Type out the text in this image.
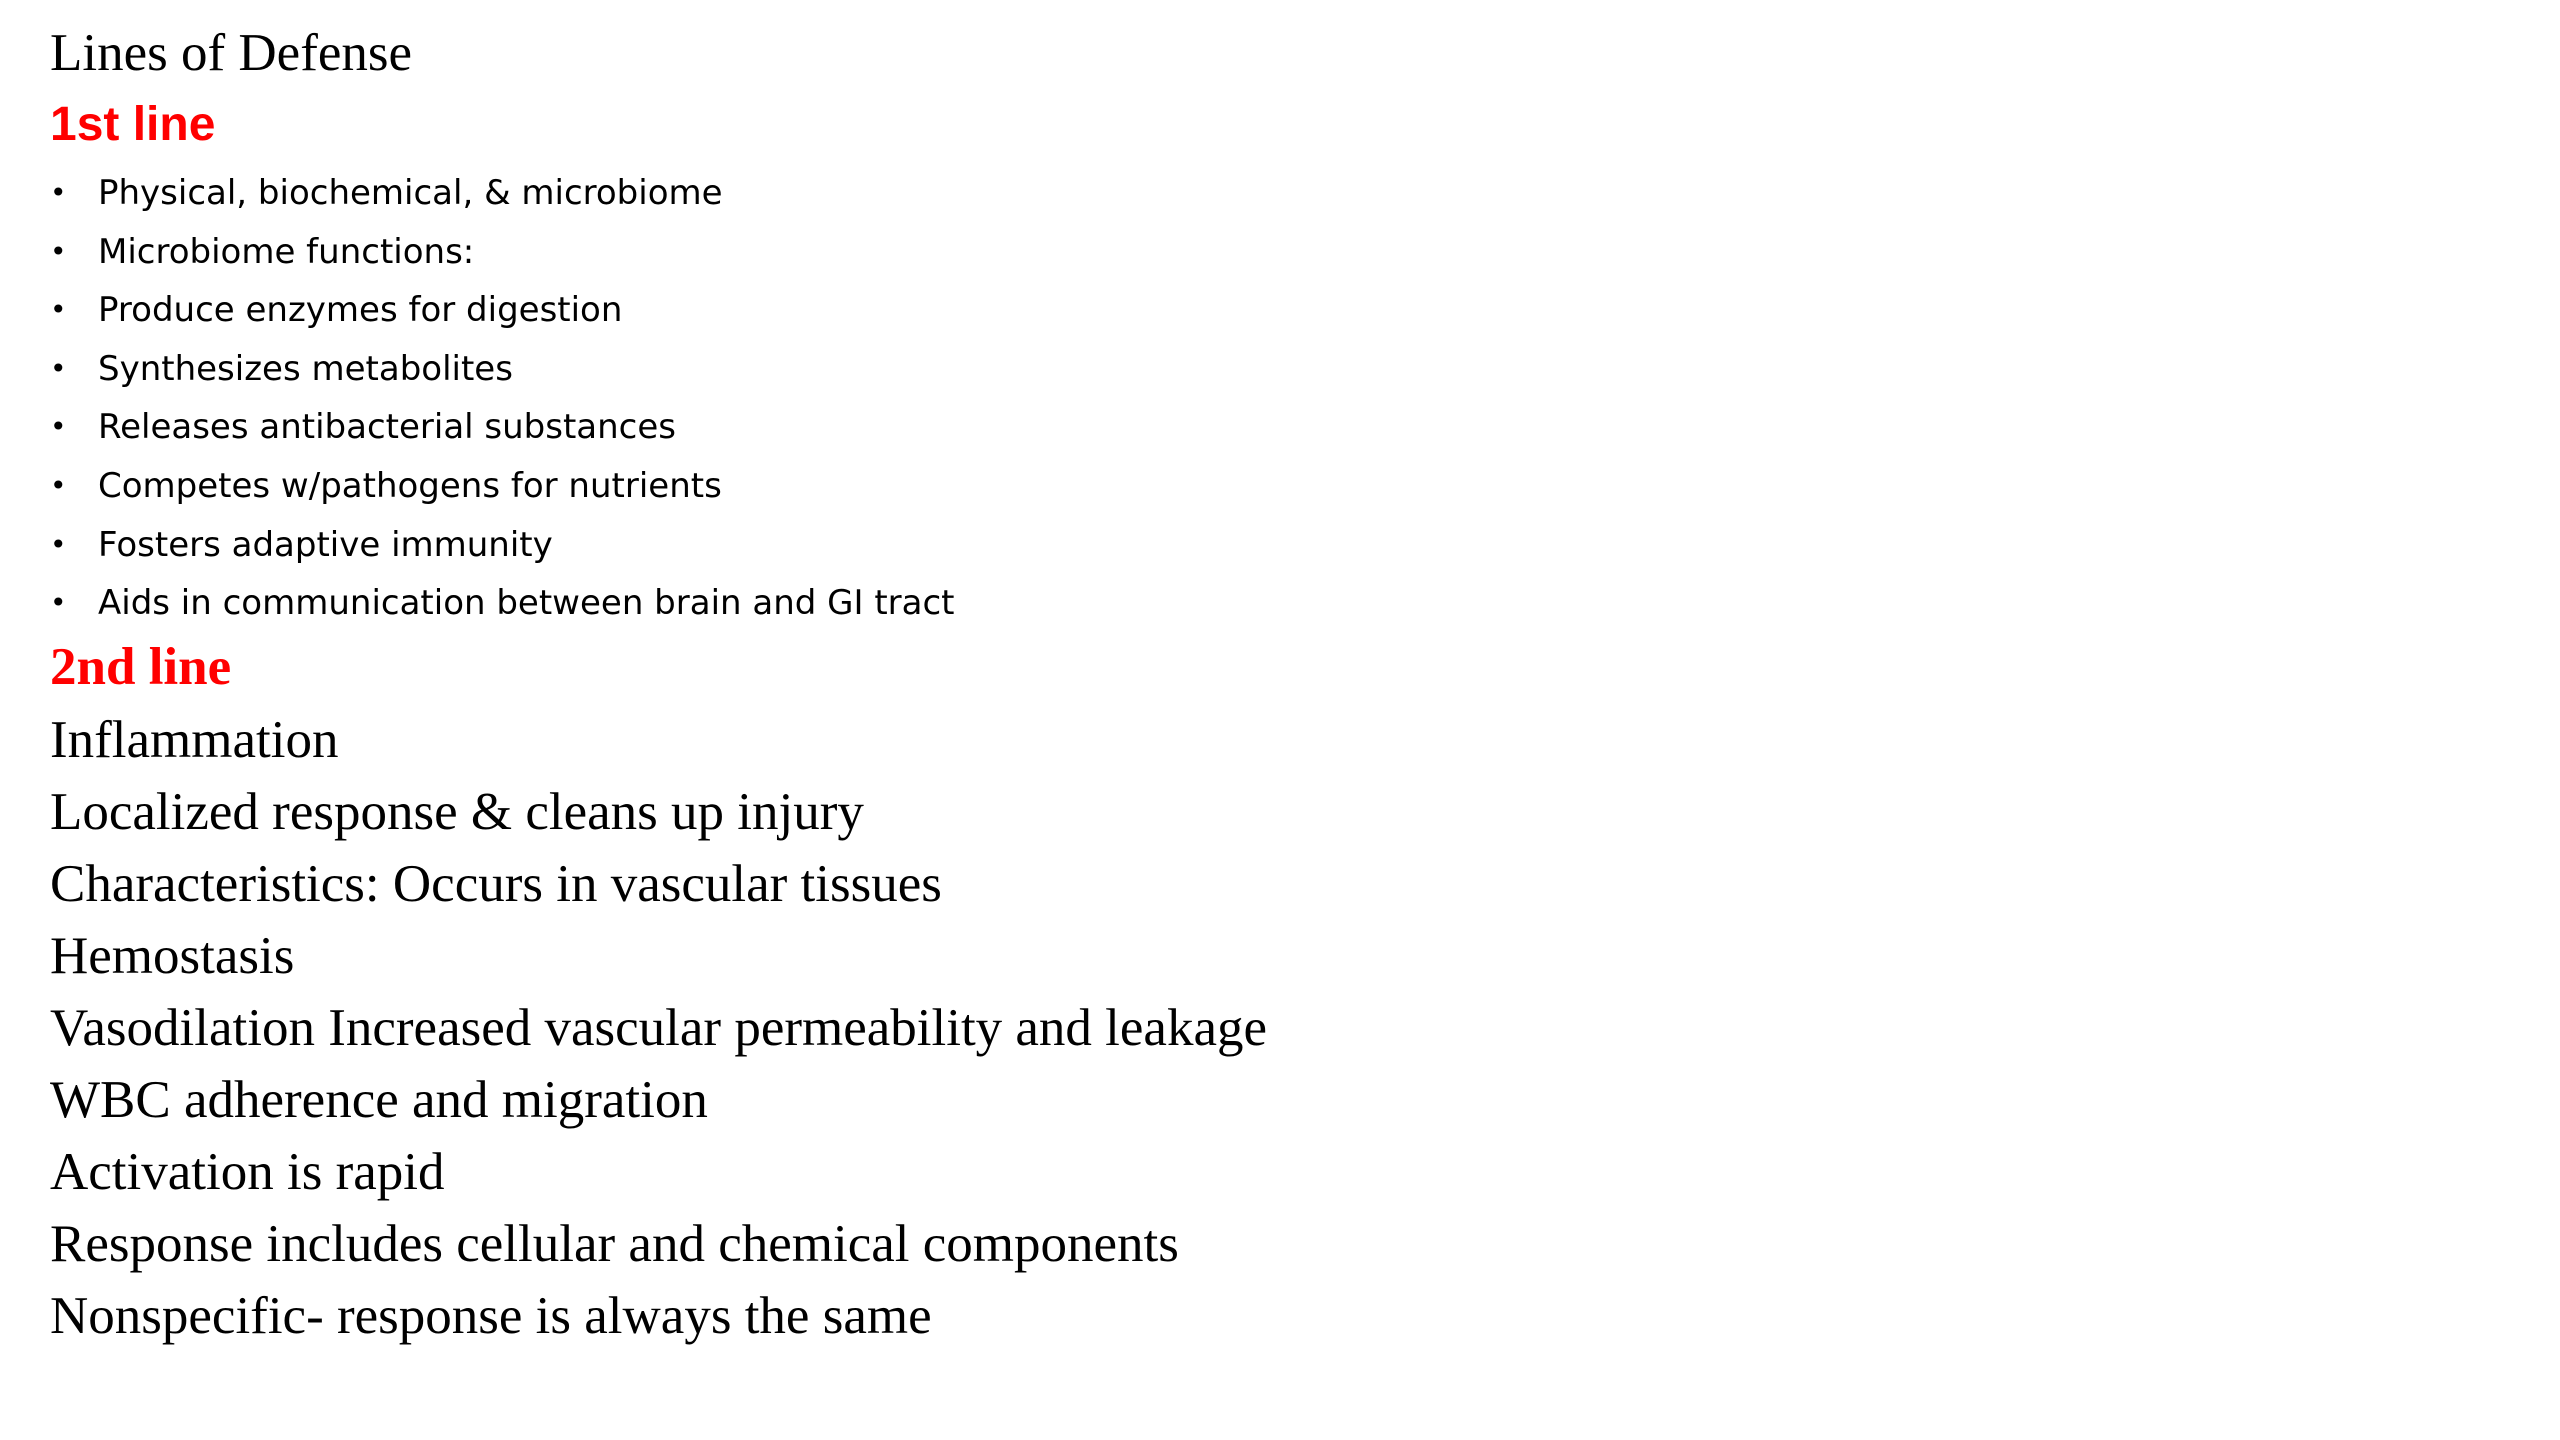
Lines of Defense
1st line
• Physical, biochemical, & microbiome
• Microbiome functions:
• Produce enzymes for digestion
• Synthesizes metabolites
• Releases antibacterial substances
• Competes w/pathogens for nutrients
• Fosters adaptive immunity
• Aids in communication between brain and GI tract
2nd line
Inflammation
Localized response & cleans up injury
Characteristics: Occurs in vascular tissues
Hemostasis
Vasodilation Increased vascular permeability and leakage
WBC adherence and migration
Activation is rapid
Response includes cellular and chemical components
Nonspecific- response is always the same
